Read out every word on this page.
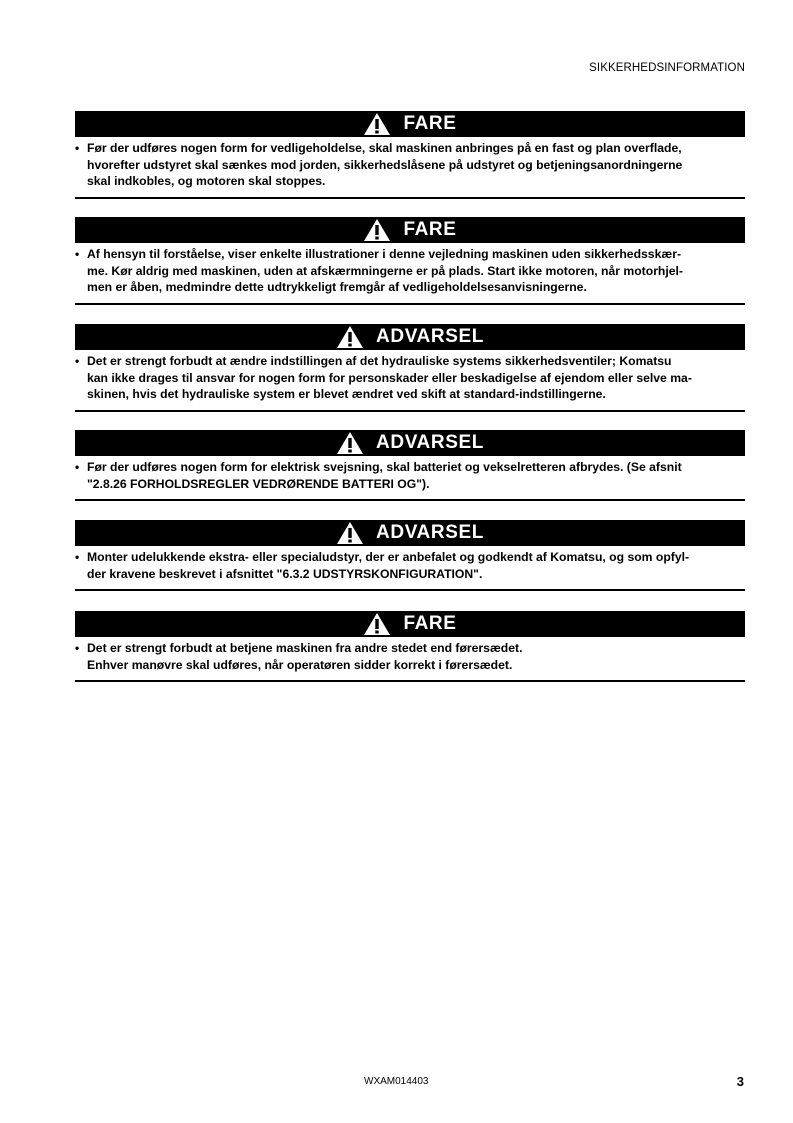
SIKKERHEDSINFORMATION
FARE
• Før der udføres nogen form for vedligeholdelse, skal maskinen anbringes på en fast og plan overflade,
hvorefter udstyret skal sænkes mod jorden, sikkerhedslåsene på udstyret og betjeningsanordningerne
skal indkobles, og motoren skal stoppes.
FARE
• Af hensyn til forståelse, viser enkelte illustrationer i denne vejledning maskinen uden sikkerhedsskær-
me. Kør aldrig med maskinen, uden at afskærmningerne er på plads. Start ikke motoren, når motorhjel-
men er åben, medmindre dette udtrykkeligt fremgår af vedligeholdelsesanvisningerne.
ADVARSEL
• Det er strengt forbudt at ændre indstillingen af det hydrauliske systems sikkerhedsventiler; Komatsu
kan ikke drages til ansvar for nogen form for personskader eller beskadigelse af ejendom eller selve ma-
skinen, hvis det hydrauliske system er blevet ændret ved skift at standard-indstillingerne.
ADVARSEL
• Før der udføres nogen form for elektrisk svejsning, skal batteriet og vekselretteren afbrydes. (Se afsnit
"2.8.26 FORHOLDSREGLER VEDRØRENDE BATTERI OG").
ADVARSEL
• Monter udelukkende ekstra- eller specialudstyr, der er anbefalet og godkendt af Komatsu, og som opfyl-
der kravene beskrevet i afsnittet "6.3.2 UDSTYRSKONFIGURATION".
FARE
• Det er strengt forbudt at betjene maskinen fra andre stedet end førersædet.
Enhver manøvre skal udføres, når operatøren sidder korrekt i førersædet.
WXAM014403	3
